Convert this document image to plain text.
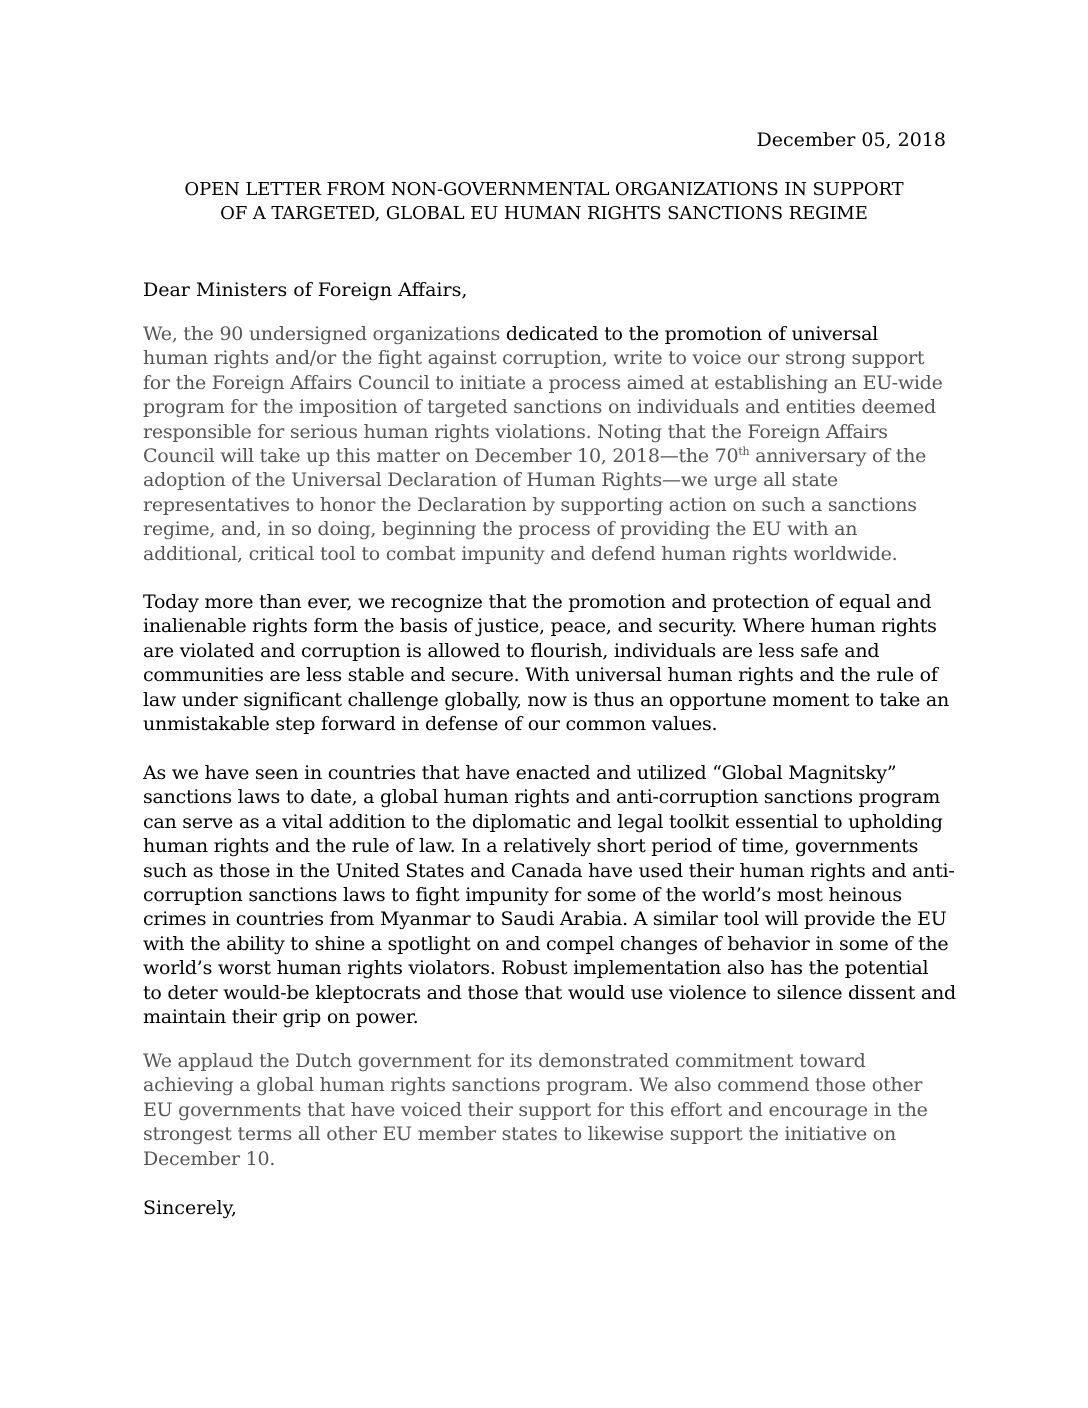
December 05, 2018
OPEN LETTER FROM NON-GOVERNMENTAL ORGANIZATIONS IN SUPPORT
OF A TARGETED, GLOBAL EU HUMAN RIGHTS SANCTIONS REGIME
Dear Ministers of Foreign Affairs,
We, the 90 undersigned organizations dedicated to the promotion of universal
human rights and/or the fight against corruption, write to voice our strong support
for the Foreign Affairs Council to initiate a process aimed at establishing an EU-wide
program for the imposition of targeted sanctions on individuals and entities deemed
responsible for serious human rights violations. Noting that the Foreign Affairs
Council will take up this matter on December 10, 2018—the 70th anniversary of the
adoption of the Universal Declaration of Human Rights—we urge all state
representatives to honor the Declaration by supporting action on such a sanctions
regime, and, in so doing, beginning the process of providing the EU with an
additional, critical tool to combat impunity and defend human rights worldwide.
Today more than ever, we recognize that the promotion and protection of equal and
inalienable rights form the basis of justice, peace, and security. Where human rights
are violated and corruption is allowed to flourish, individuals are less safe and
communities are less stable and secure. With universal human rights and the rule of
law under significant challenge globally, now is thus an opportune moment to take an
unmistakable step forward in defense of our common values.
As we have seen in countries that have enacted and utilized “Global Magnitsky”
sanctions laws to date, a global human rights and anti-corruption sanctions program
can serve as a vital addition to the diplomatic and legal toolkit essential to upholding
human rights and the rule of law. In a relatively short period of time, governments
such as those in the United States and Canada have used their human rights and anti-
corruption sanctions laws to fight impunity for some of the world’s most heinous
crimes in countries from Myanmar to Saudi Arabia. A similar tool will provide the EU
with the ability to shine a spotlight on and compel changes of behavior in some of the
world’s worst human rights violators. Robust implementation also has the potential
to deter would-be kleptocrats and those that would use violence to silence dissent and
maintain their grip on power.
We applaud the Dutch government for its demonstrated commitment toward
achieving a global human rights sanctions program. We also commend those other
EU governments that have voiced their support for this effort and encourage in the
strongest terms all other EU member states to likewise support the initiative on
December 10.
Sincerely,
